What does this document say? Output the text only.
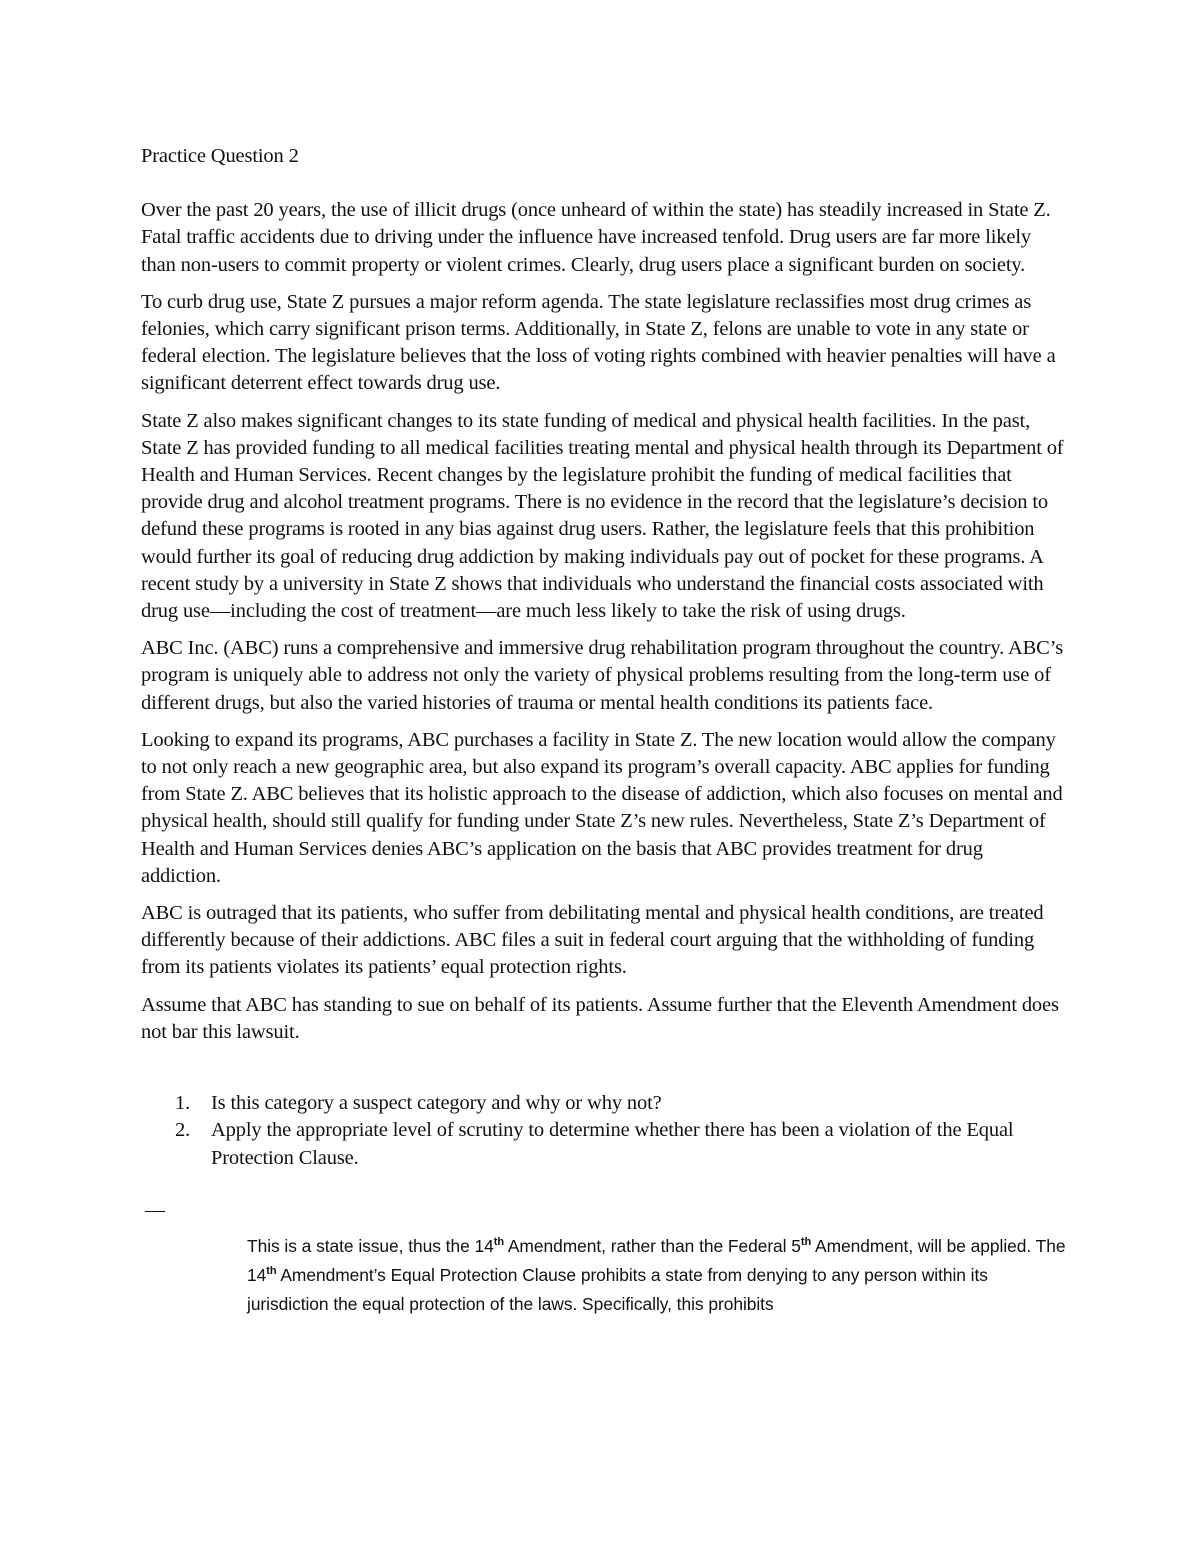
Practice Question 2

Over the past 20 years, the use of illicit drugs (once unheard of within the state) has steadily increased in State Z. Fatal traffic accidents due to driving under the influence have increased tenfold. Drug users are far more likely than non-users to commit property or violent crimes. Clearly, drug users place a significant burden on society.

To curb drug use, State Z pursues a major reform agenda. The state legislature reclassifies most drug crimes as felonies, which carry significant prison terms. Additionally, in State Z, felons are unable to vote in any state or federal election. The legislature believes that the loss of voting rights combined with heavier penalties will have a significant deterrent effect towards drug use.

State Z also makes significant changes to its state funding of medical and physical health facilities. In the past, State Z has provided funding to all medical facilities treating mental and physical health through its Department of Health and Human Services. Recent changes by the legislature prohibit the funding of medical facilities that provide drug and alcohol treatment programs. There is no evidence in the record that the legislature’s decision to defund these programs is rooted in any bias against drug users. Rather, the legislature feels that this prohibition would further its goal of reducing drug addiction by making individuals pay out of pocket for these programs. A recent study by a university in State Z shows that individuals who understand the financial costs associated with drug use—including the cost of treatment—are much less likely to take the risk of using drugs.

ABC Inc. (ABC) runs a comprehensive and immersive drug rehabilitation program throughout the country. ABC’s program is uniquely able to address not only the variety of physical problems resulting from the long-term use of different drugs, but also the varied histories of trauma or mental health conditions its patients face.

Looking to expand its programs, ABC purchases a facility in State Z. The new location would allow the company to not only reach a new geographic area, but also expand its program’s overall capacity. ABC applies for funding from State Z. ABC believes that its holistic approach to the disease of addiction, which also focuses on mental and physical health, should still qualify for funding under State Z’s new rules. Nevertheless, State Z’s Department of Health and Human Services denies ABC’s application on the basis that ABC provides treatment for drug addiction.

ABC is outraged that its patients, who suffer from debilitating mental and physical health conditions, are treated differently because of their addictions. ABC files a suit in federal court arguing that the withholding of funding from its patients violates its patients’ equal protection rights.

Assume that ABC has standing to sue on behalf of its patients. Assume further that the Eleventh Amendment does not bar this lawsuit.

1.	Is this category a suspect category and why or why not?
2.	Apply the appropriate level of scrutiny to determine whether there has been a violation of the Equal Protection Clause.
—
This is a state issue, thus the 14th Amendment, rather than the Federal 5th Amendment, will be applied. The 14th Amendment’s Equal Protection Clause prohibits a state from denying to any person within its jurisdiction the equal protection of the laws. Specifically, this prohibits
